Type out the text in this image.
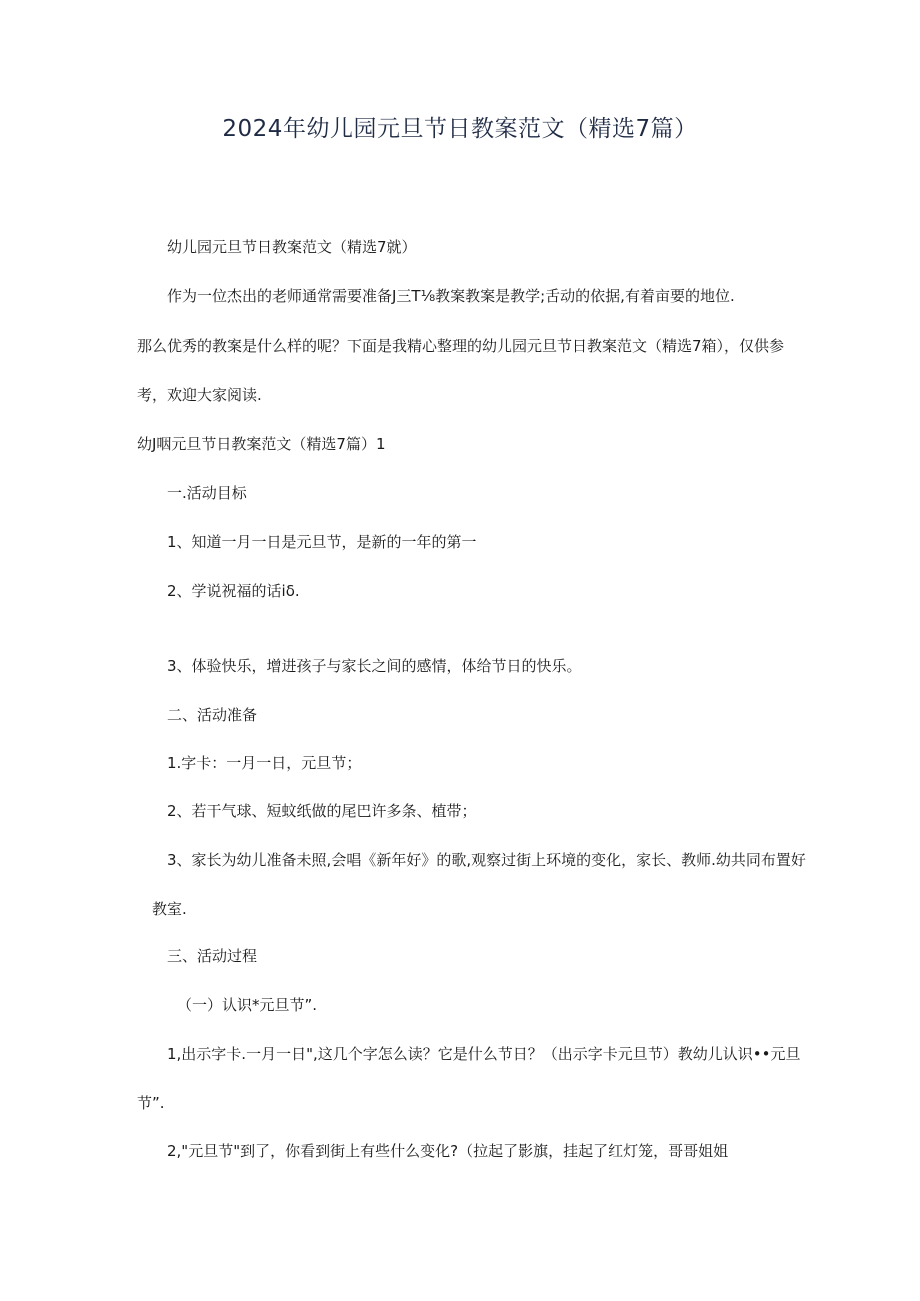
2024年幼儿园元旦节日教案范文（精选7篇）
幼儿园元旦节日教案范文（精选7就）
作为一位杰出的老师通常需要准备J三T⅛教案教案是教学;舌动的依据,有着亩要的地位.
那么优秀的教案是什么样的呢？下面是我精心整理的幼儿园元旦节日教案范文（精选7箱），仅供参
考，欢迎大家阅读.
幼J咽元旦节日教案范文（精选7篇）1
一.活动目标
1、知道一月一日是元旦节，是新的一年的第一
2、学说祝福的话iδ.
3、体验快乐，增进孩子与家长之间的感情，体给节日的快乐。
二、活动准备
1.字卡：一月一日，元旦节；
2、若干气球、短蚊纸做的尾巴许多条、植带；
3、家长为幼儿准备未照,会唱《新年好》的歌,观察过街上环境的变化，家长、教师.幼共同布置好
教室.
三、活动过程
（一）认识*元旦节”.
1,出示字卡.一月一日",这几个字怎么读？它是什么节日？（出示字卡元旦节）教幼儿认识••元旦
节”.
2,"元旦节"到了，你看到街上有些什么变化?（拉起了影旗，挂起了红灯笼，哥哥姐姐
